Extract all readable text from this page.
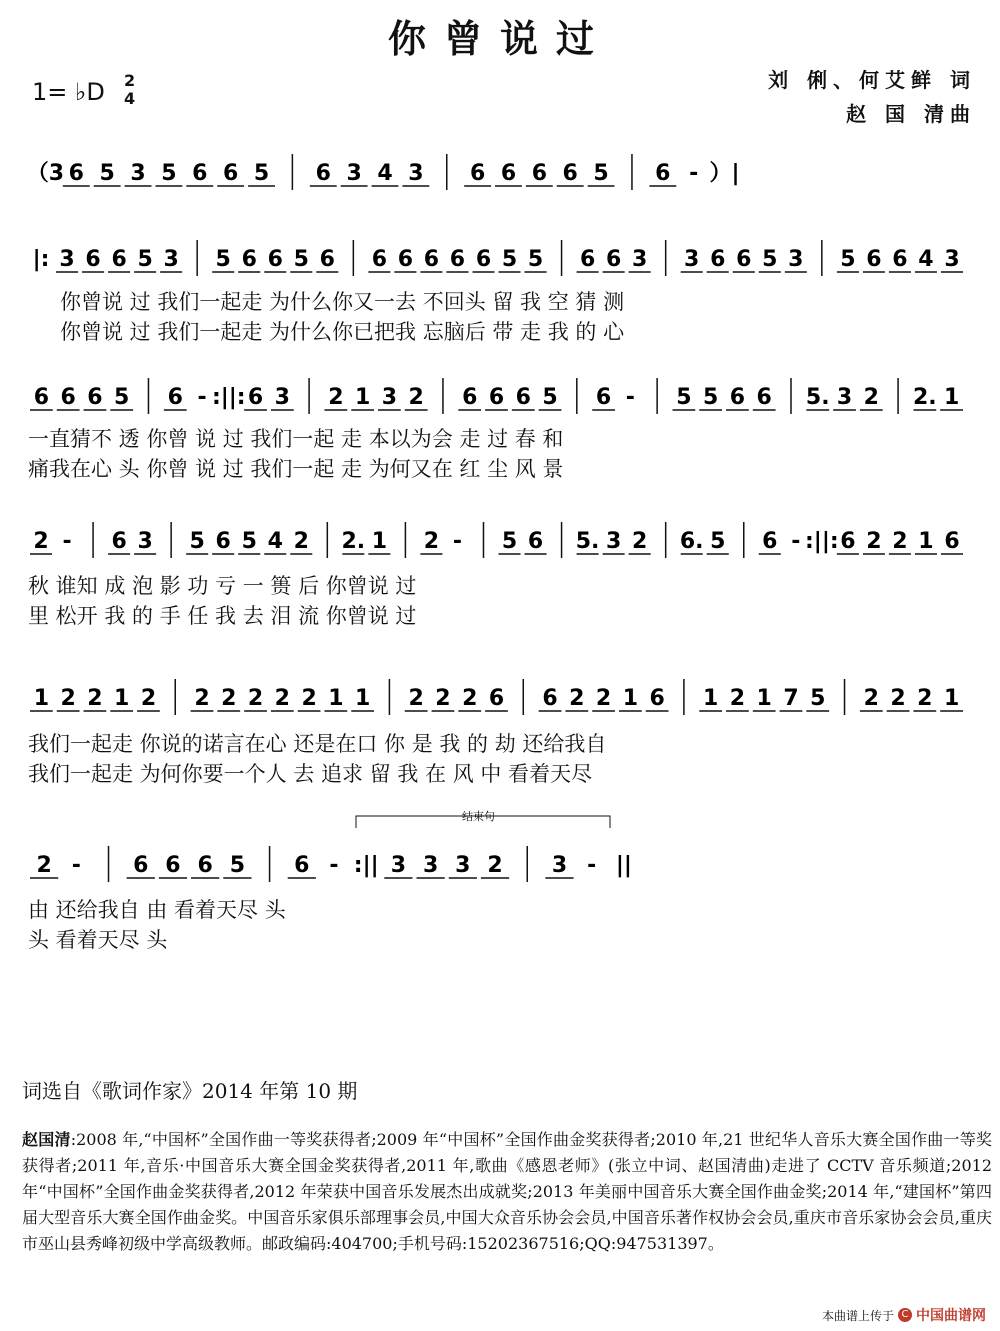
你曾说过
1= ♭D 2
4
刘 俐、何艾鲜 词
赵 国 清曲
（3 6 5 3 5 6 6 5 6 3 4 3 6 6 6 6 5 6 - ）|
|: 3 6 6 5 3 5 6 6 5 6 6 6 6 6 6 5 5 6 6 3 3 6 6 5 3 5 6 6 4 3
6 6 6 5 6 - :||: 6 3 2 1 3 2 6 6 6 5 6 - 5 5 6 6 5. 3 2 2. 1
2 - 6 3 5 6 5 4 2 2. 1 2 - 5 6 5. 3 2 6. 5 6 - :||: 6 2 2 1 6
1 2 2 1 2 2 2 2 2 2 1 1 2 2 2 6 6 2 2 1 6 1 2 1 7 5 2 2 2 1
2 - 6 6 6 5 6 - :|| 3 3 3 2 3 - ||
结束句
你曾说 过 我们一起走 为什么你又一去 不回头 留 我 空 猜 测
你曾说 过 我们一起走 为什么你已把我 忘脑后 带 走 我 的 心
一直猜不 透 你曾 说 过 我们一起 走 本以为会 走 过 春 和
痛我在心 头 你曾 说 过 我们一起 走 为何又在 红 尘 风 景
秋 谁知 成 泡 影 功 亏 一 篑 后 你曾说 过
里 松开 我 的 手 任 我 去 泪 流 你曾说 过
我们一起走 你说的诺言在心 还是在口 你 是 我 的 劫 还给我自
我们一起走 为何你要一个人 去 追求 留 我 在 风 中 看着天尽
由 还给我自 由 看着天尽 头
头 看着天尽 头
词选自《歌词作家》2014 年第 10 期
赵国清:2008 年,“中国杯”全国作曲一等奖获得者;2009 年“中国杯”全国作曲金奖获得者;2010 年,21 世纪华人音乐大赛全国作曲一等奖获得者;2011 年,音乐·中国音乐大赛全国金奖获得者,2011 年,歌曲《感恩老师》(张立中词、赵国清曲)走进了 CCTV 音乐频道;2012 年“中国杯”全国作曲金奖获得者,2012 年荣获中国音乐发展杰出成就奖;2013 年美丽中国音乐大赛全国作曲金奖;2014 年,“建国杯”第四届大型音乐大赛全国作曲金奖。中国音乐家俱乐部理事会员,中国大众音乐协会会员,中国音乐著作权协会会员,重庆市音乐家协会会员,重庆市巫山县秀峰初级中学高级教师。邮政编码:404700;手机号码:15202367516;QQ:947531397。
本曲谱上传于 C 中国曲谱网
